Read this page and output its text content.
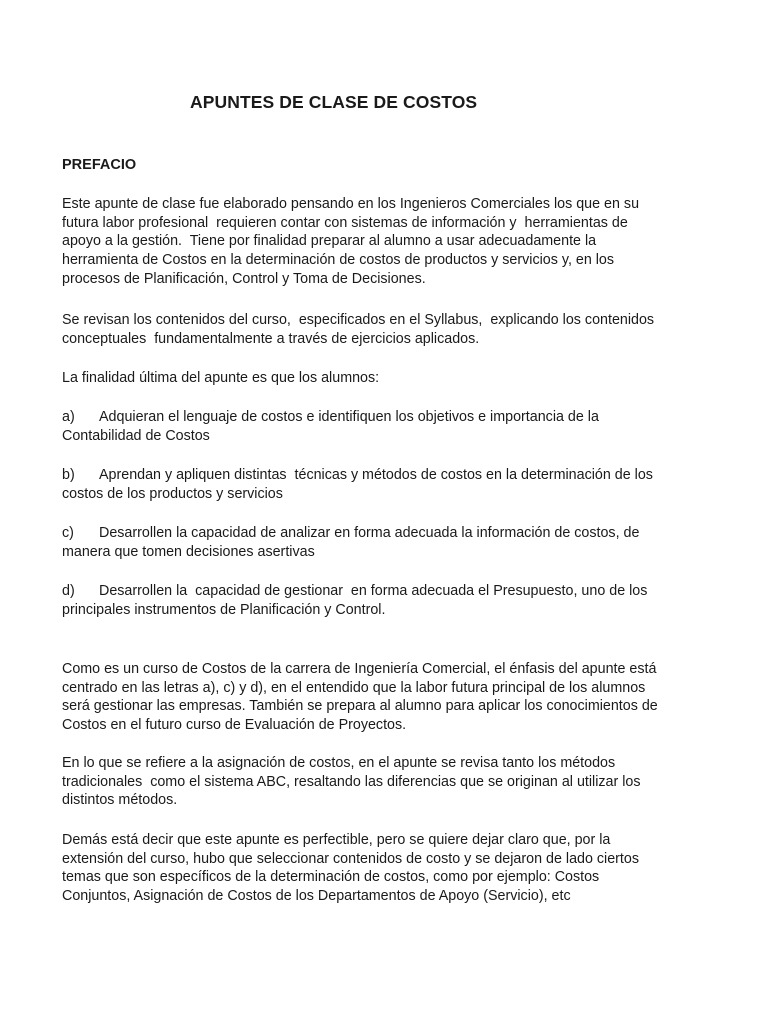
APUNTES DE CLASE DE COSTOS
PREFACIO
Este apunte de clase fue elaborado pensando en los Ingenieros Comerciales los que en su
futura labor profesional  requieren contar con sistemas de información y  herramientas de
apoyo a la gestión.  Tiene por finalidad preparar al alumno a usar adecuadamente la
herramienta de Costos en la determinación de costos de productos y servicios y, en los
procesos de Planificación, Control y Toma de Decisiones.
Se revisan los contenidos del curso,  especificados en el Syllabus,  explicando los contenidos
conceptuales  fundamentalmente a través de ejercicios aplicados.
La finalidad última del apunte es que los alumnos:
a) Adquieran el lenguaje de costos e identifiquen los objetivos e importancia de la
Contabilidad de Costos
b) Aprendan y apliquen distintas  técnicas y métodos de costos en la determinación de los
costos de los productos y servicios
c) Desarrollen la capacidad de analizar en forma adecuada la información de costos, de
manera que tomen decisiones asertivas
d) Desarrollen la  capacidad de gestionar  en forma adecuada el Presupuesto, uno de los
principales instrumentos de Planificación y Control.
Como es un curso de Costos de la carrera de Ingeniería Comercial, el énfasis del apunte está
centrado en las letras a), c) y d), en el entendido que la labor futura principal de los alumnos
será gestionar las empresas. También se prepara al alumno para aplicar los conocimientos de
Costos en el futuro curso de Evaluación de Proyectos.
En lo que se refiere a la asignación de costos, en el apunte se revisa tanto los métodos
tradicionales  como el sistema ABC, resaltando las diferencias que se originan al utilizar los
distintos métodos.
Demás está decir que este apunte es perfectible, pero se quiere dejar claro que, por la
extensión del curso, hubo que seleccionar contenidos de costo y se dejaron de lado ciertos
temas que son específicos de la determinación de costos, como por ejemplo: Costos
Conjuntos, Asignación de Costos de los Departamentos de Apoyo (Servicio), etc
